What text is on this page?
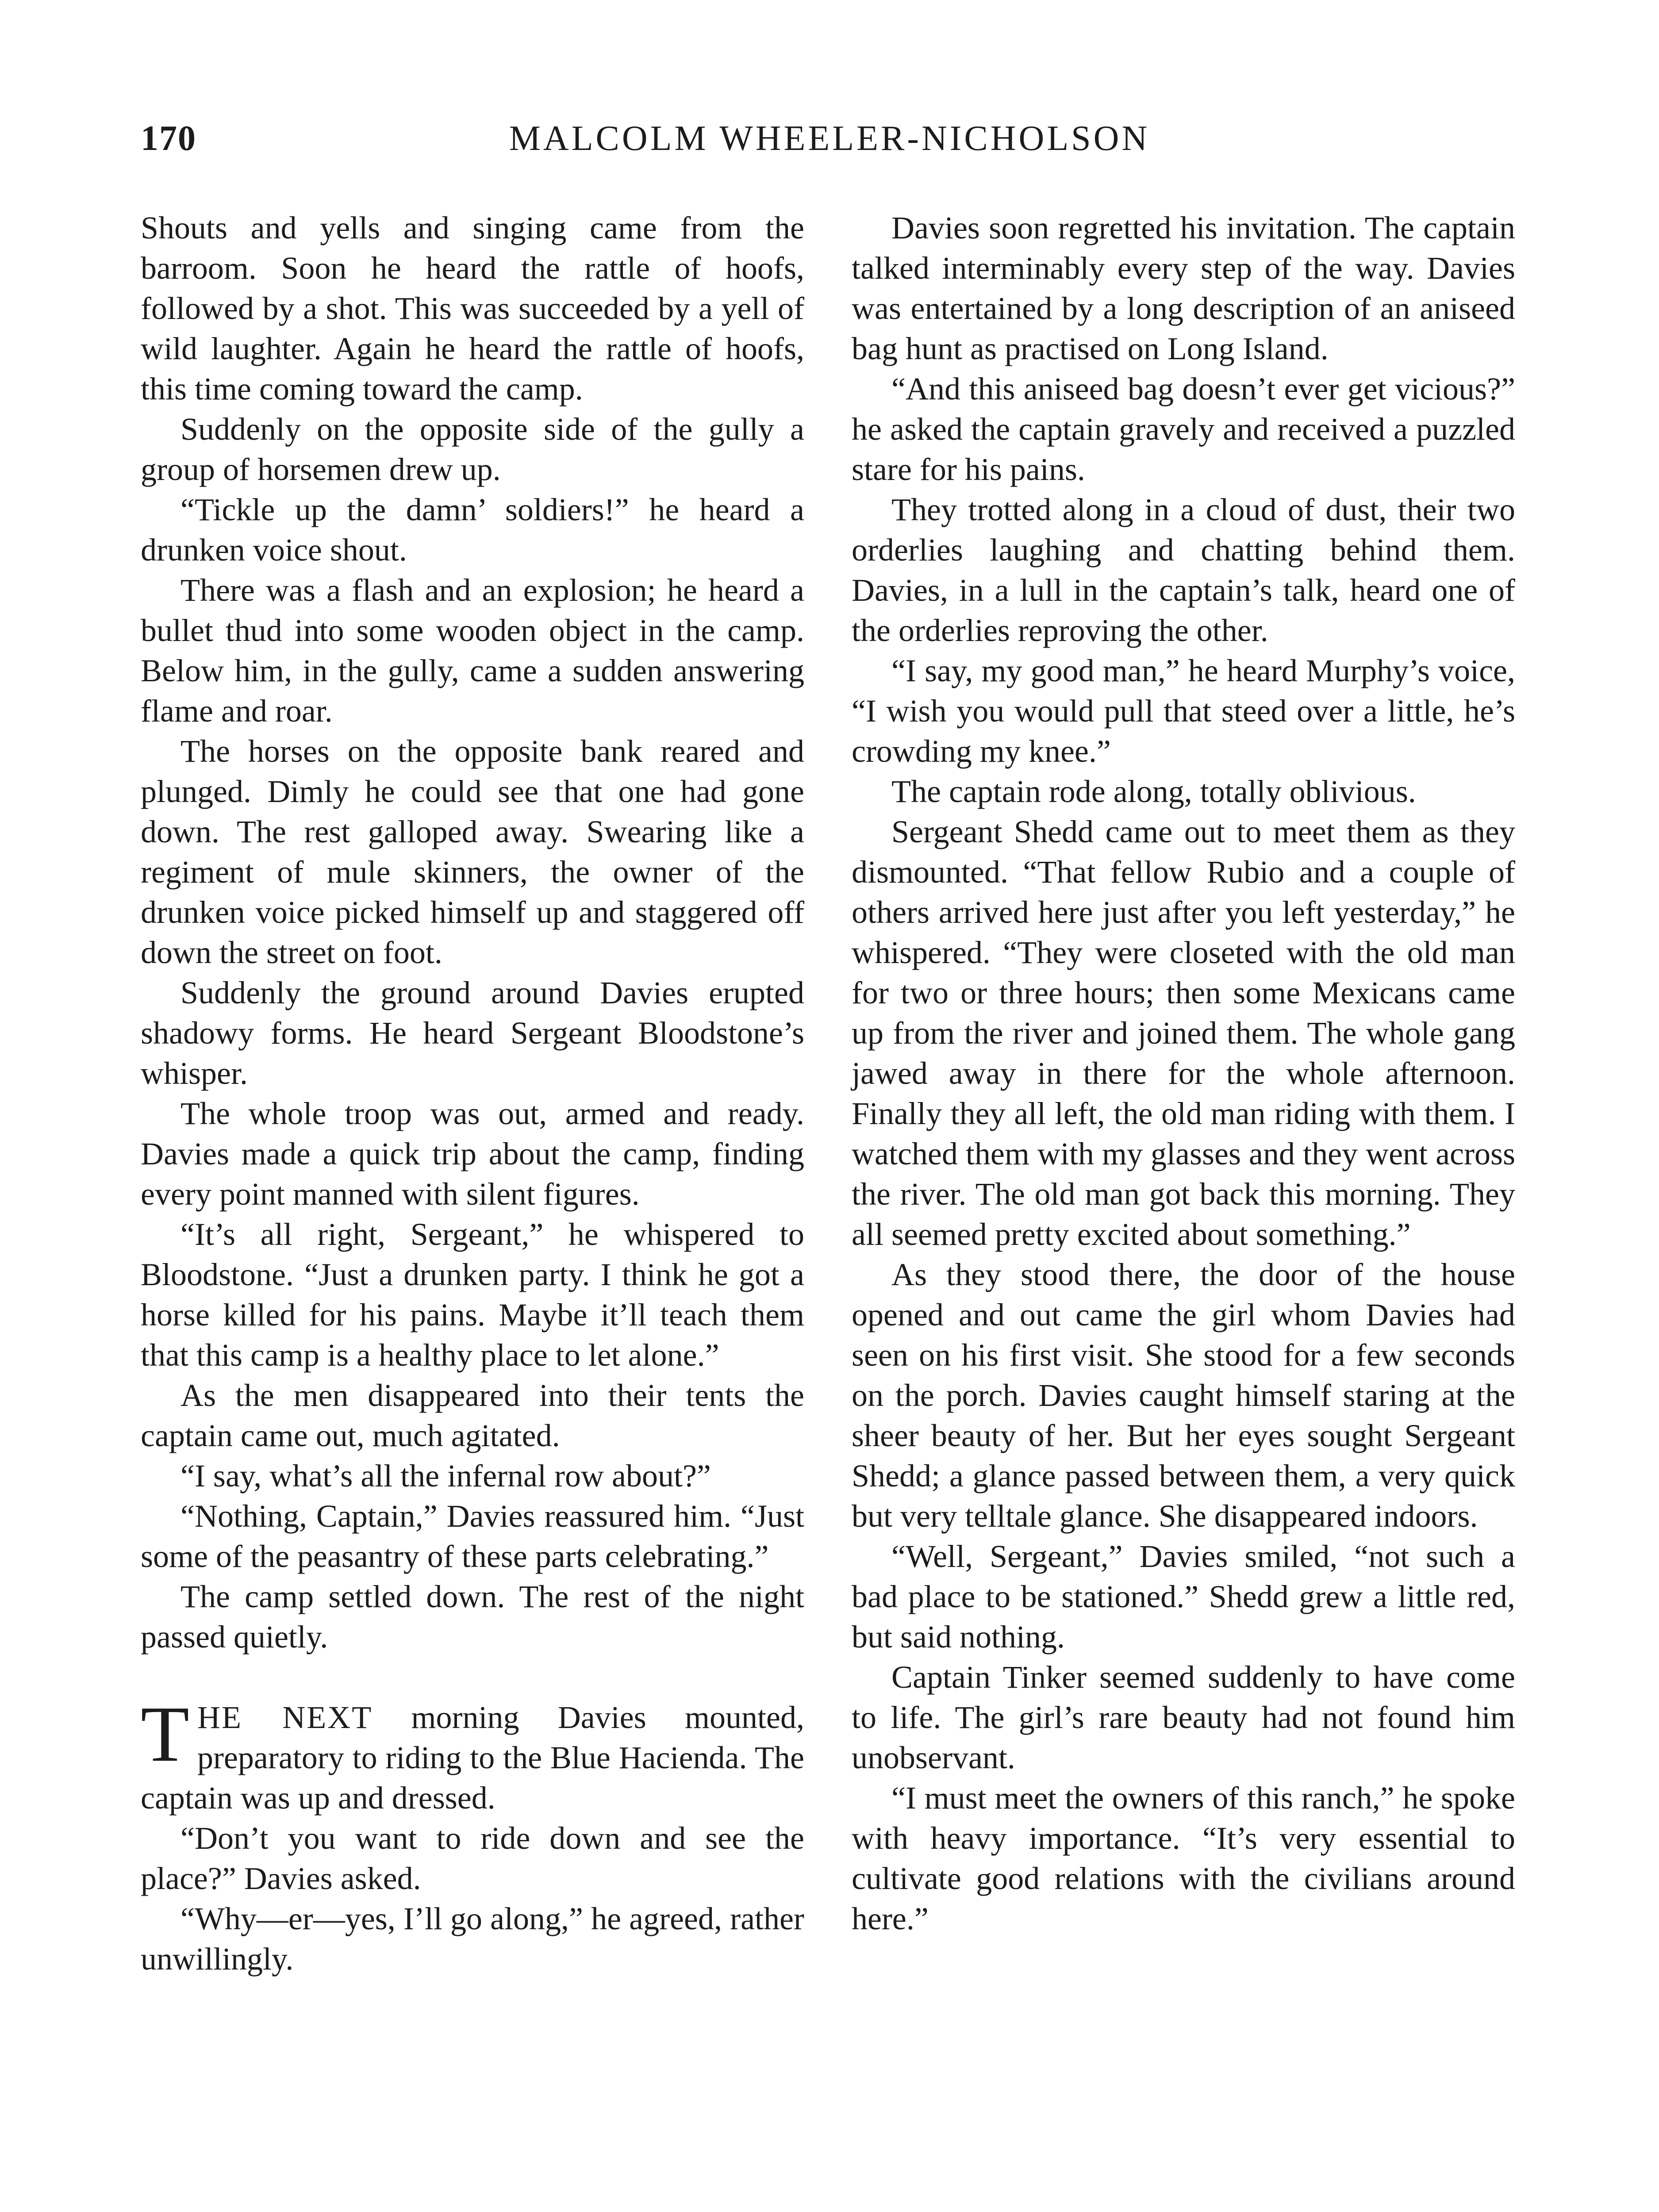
170	MALCOLM WHEELER-NICHOLSON

Shouts and yells and singing came from the barroom. Soon he heard the rattle of hoofs, followed by a shot. This was succeeded by a yell of wild laughter. Again he heard the rattle of hoofs, this time coming toward the camp.

Suddenly on the opposite side of the gully a group of horsemen drew up.

“Tickle up the damn’ soldiers!” he heard a drunken voice shout.

There was a flash and an explosion; he heard a bullet thud into some wooden object in the camp. Below him, in the gully, came a sudden answering flame and roar.

The horses on the opposite bank reared and plunged. Dimly he could see that one had gone down. The rest galloped away. Swearing like a regiment of mule skinners, the owner of the drunken voice picked himself up and staggered off down the street on foot.

Suddenly the ground around Davies erupted shadowy forms. He heard Sergeant Bloodstone’s whisper.

The whole troop was out, armed and ready. Davies made a quick trip about the camp, finding every point manned with silent figures.

“It’s all right, Sergeant,” he whispered to Bloodstone. “Just a drunken party. I think he got a horse killed for his pains. Maybe it’ll teach them that this camp is a healthy place to let alone.”

As the men disappeared into their tents the captain came out, much agitated.

“I say, what’s all the infernal row about?”

“Nothing, Captain,” Davies reassured him. “Just some of the peasantry of these parts celebrating.”

The camp settled down. The rest of the night passed quietly.

THE NEXT morning Davies mounted, preparatory to riding to the Blue Hacienda. The captain was up and dressed.

“Don’t you want to ride down and see the place?” Davies asked.

“Why—er—yes, I’ll go along,” he agreed, rather unwillingly.

Davies soon regretted his invitation. The captain talked interminably every step of the way. Davies was entertained by a long description of an aniseed bag hunt as practised on Long Island.

“And this aniseed bag doesn’t ever get vicious?” he asked the captain gravely and received a puzzled stare for his pains.

They trotted along in a cloud of dust, their two orderlies laughing and chatting behind them. Davies, in a lull in the captain’s talk, heard one of the orderlies reproving the other.

“I say, my good man,” he heard Murphy’s voice, “I wish you would pull that steed over a little, he’s crowding my knee.”

The captain rode along, totally oblivious.

Sergeant Shedd came out to meet them as they dismounted. “That fellow Rubio and a couple of others arrived here just after you left yesterday,” he whispered. “They were closeted with the old man for two or three hours; then some Mexicans came up from the river and joined them. The whole gang jawed away in there for the whole afternoon. Finally they all left, the old man riding with them. I watched them with my glasses and they went across the river. The old man got back this morning. They all seemed pretty excited about something.”

As they stood there, the door of the house opened and out came the girl whom Davies had seen on his first visit. She stood for a few seconds on the porch. Davies caught himself staring at the sheer beauty of her. But her eyes sought Sergeant Shedd; a glance passed between them, a very quick but very telltale glance. She disappeared indoors.

“Well, Sergeant,” Davies smiled, “not such a bad place to be stationed.” Shedd grew a little red, but said nothing.

Captain Tinker seemed suddenly to have come to life. The girl’s rare beauty had not found him unobservant.

“I must meet the owners of this ranch,” he spoke with heavy importance. “It’s very essential to cultivate good relations with the civilians around here.”
